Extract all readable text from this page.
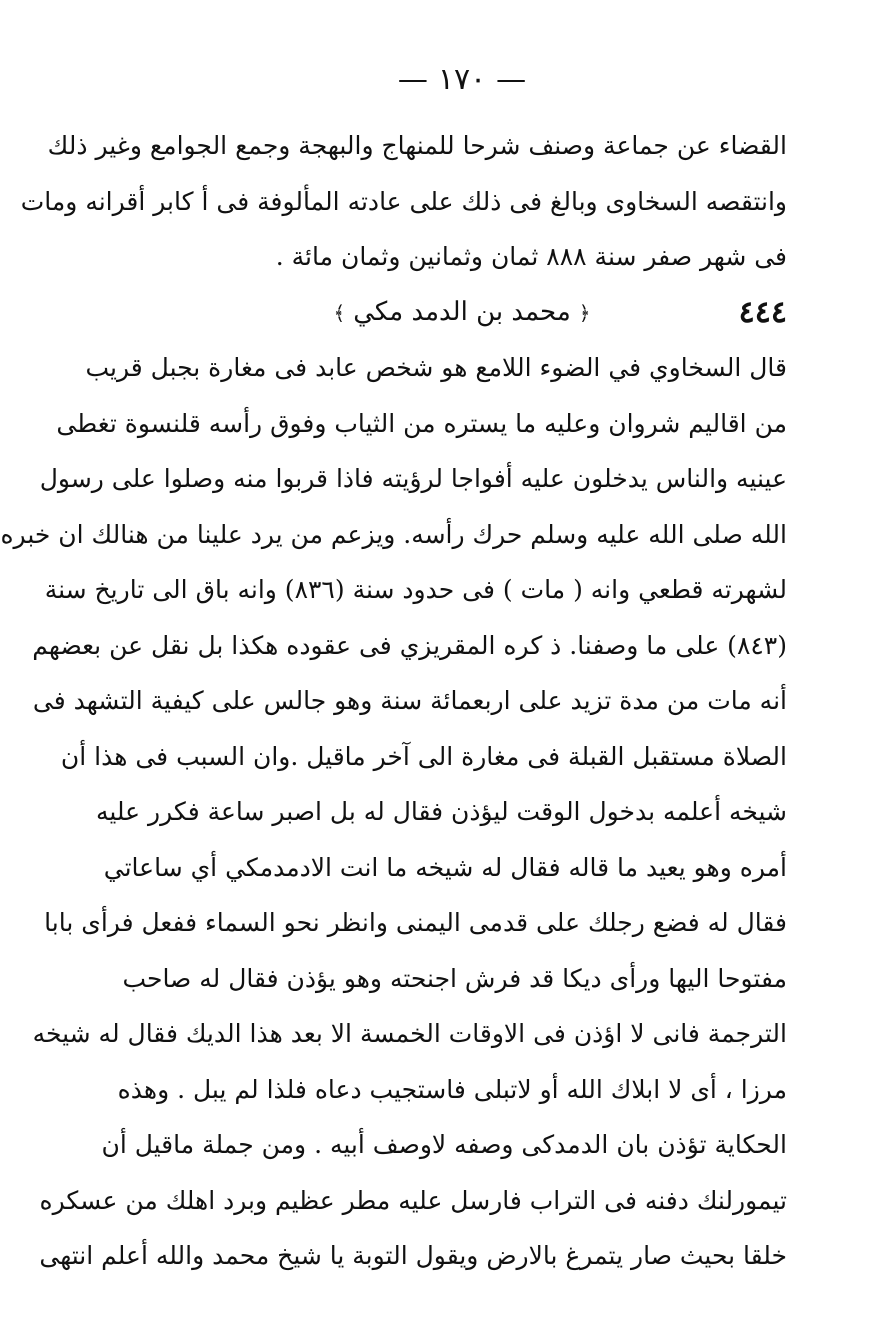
—١٧٠—
القضاء عن جماعة وصنف شرحا للمنهاج والبهجة وجمع الجوامع وغير ذلك
وانتقصه السخاوى وبالغ فى ذلك على عادته المألوفة فى أ كابر أقرانه ومات
فى شهر صفر سنة ٨٨٨ ثمان وثمانين وثمان مائة .
٤٤٤
﴿محمد بن الدمد مكي﴾
قال السخاوي في الضوء اللامع هو شخص عابد فى مغارة بجبل قريب
من اقاليم شروان وعليه ما يستره من الثياب وفوق رأسه قلنسوة تغطى
عينيه والناس يدخلون عليه أفواجا لرؤيته فاذا قربوا منه وصلوا على رسول
الله صلى الله عليه وسلم حرك رأسه. ويزعم من يرد علينا من هنالك ان خبره
لشهرته قطعي وانه ( مات ) فى حدود سنة (٨٣٦) وانه باق الى تاريخ سنة
(٨٤٣) على ما وصفنا. ذ كره المقريزي فى عقوده هكذا بل نقل عن بعضهم
أنه مات من مدة تزيد على اربعمائة سنة وهو جالس على كيفية التشهد فى
الصلاة مستقبل القبلة فى مغارة الى آخر ماقيل .وان السبب فى هذا أن
شيخه أعلمه بدخول الوقت ليؤذن فقال له بل اصبر ساعة فكرر عليه
أمره وهو يعيد ما قاله فقال له شيخه ما انت الادمدمكي أي ساعاتي
فقال له فضع رجلك على قدمى اليمنى وانظر نحو السماء ففعل فرأى بابا
مفتوحا اليها ورأى ديكا قد فرش اجنحته وهو يؤذن فقال له صاحب
الترجمة فانى لا اؤذن فى الاوقات الخمسة الا بعد هذا الديك فقال له شيخه
مرزا ، أى لا ابلاك الله أو لاتبلى فاستجيب دعاه فلذا لم يبل . وهذه
الحكاية تؤذن بان الدمدكى وصفه لاوصف أبيه . ومن جملة ماقيل أن
تيمورلنك دفنه فى التراب فارسل عليه مطر عظيم وبرد اهلك من عسكره
خلقا بحيث صار يتمرغ بالارض ويقول التوبة يا شيخ محمد والله أعلم انتهى
